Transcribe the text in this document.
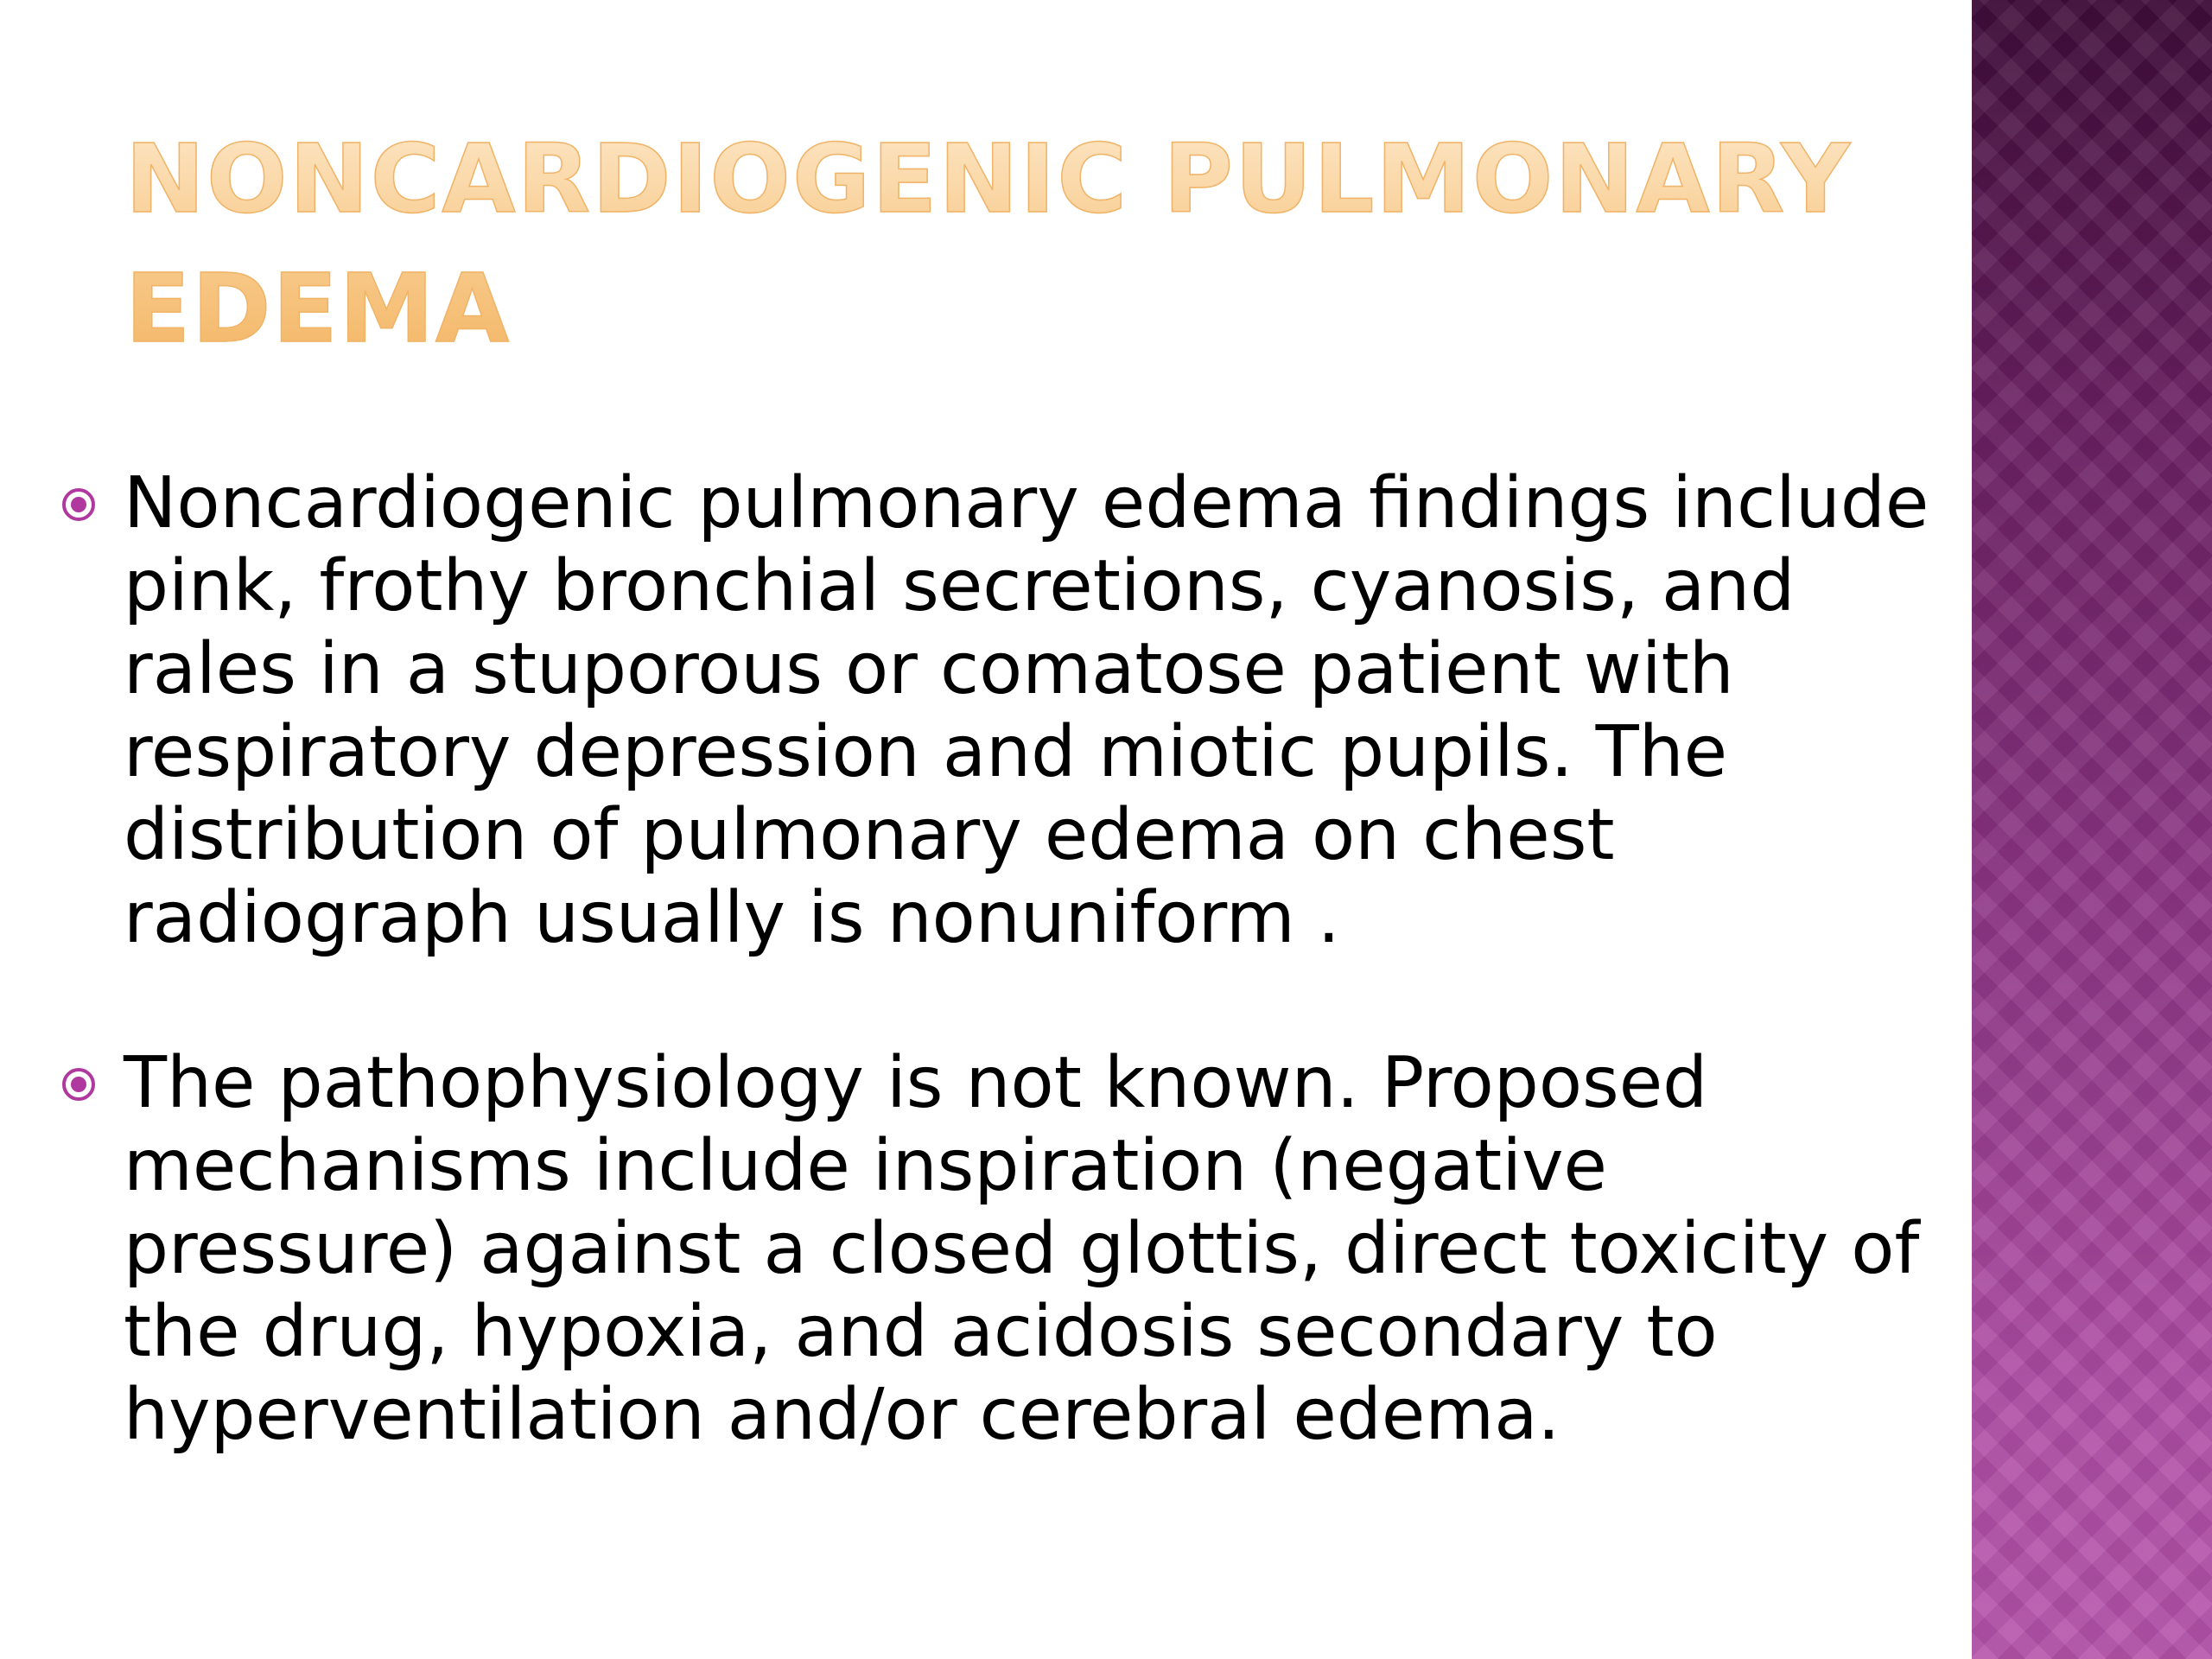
NONCARDIOGENIC PULMONARY EDEMA
Noncardiogenic pulmonary edema findings include pink, frothy bronchial secretions, cyanosis, and rales in a stuporous or comatose patient with respiratory depression and miotic pupils. The distribution of pulmonary edema on chest radiograph usually is nonuniform .
The pathophysiology is not known. Proposed mechanisms include inspiration (negative pressure) against a closed glottis, direct toxicity of the drug, hypoxia, and acidosis secondary to hyperventilation and/or cerebral edema.
